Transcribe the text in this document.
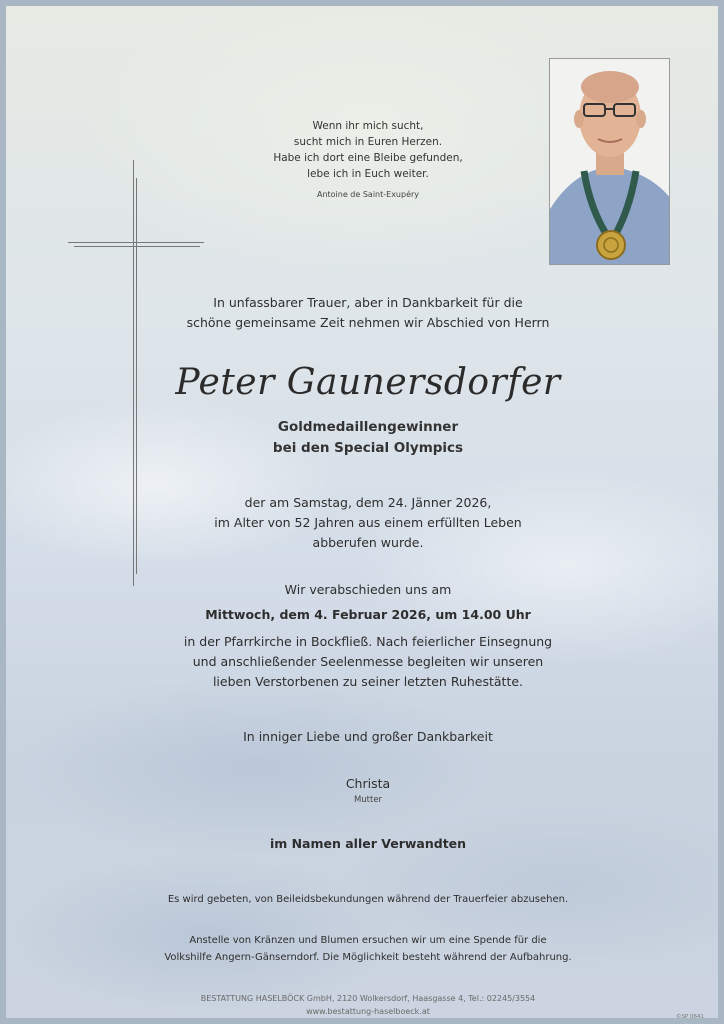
Wenn ihr mich sucht,
sucht mich in Euren Herzen.
Habe ich dort eine Bleibe gefunden,
lebe ich in Euch weiter.
Antoine de Saint-Exupéry
In unfassbarer Trauer, aber in Dankbarkeit für die
schöne gemeinsame Zeit nehmen wir Abschied von Herrn
Peter Gaunersdorfer
Goldmedaillengewinner
bei den Special Olympics
der am Samstag, dem 24. Jänner 2026,
im Alter von 52 Jahren aus einem erfüllten Leben
abberufen wurde.
Wir verabschieden uns am
Mittwoch, dem 4. Februar 2026, um 14.00 Uhr
in der Pfarrkirche in Bockfließ. Nach feierlicher Einsegnung
und anschließender Seelenmesse begleiten wir unseren
lieben Verstorbenen zu seiner letzten Ruhestätte.
In inniger Liebe und großer Dankbarkeit
Christa
Mutter
im Namen aller Verwandten
Es wird gebeten, von Beileidsbekundungen während der Trauerfeier abzusehen.
Anstelle von Kränzen und Blumen ersuchen wir um eine Spende für die
Volkshilfe Angern-Gänserndorf. Die Möglichkeit besteht während der Aufbahrung.
BESTATTUNG HASELBÖCK GmbH, 2120 Wolkersdorf, Haasgasse 4, Tel.: 02245/3554
www.bestattung-haselboeck.at
©SP 0641
